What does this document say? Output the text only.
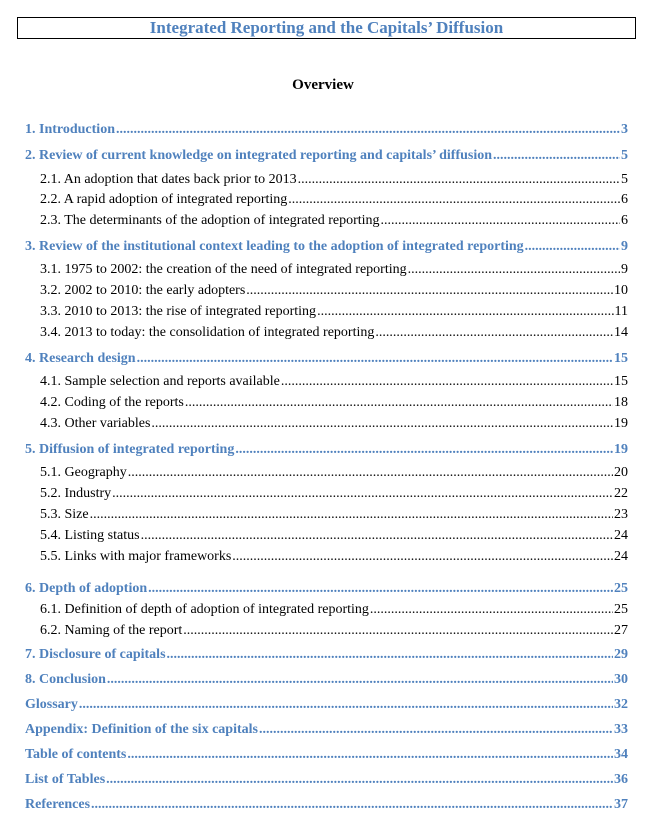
Integrated Reporting and the Capitals’ Diffusion
Overview
1. Introduction .....	3
2. Review of current knowledge on integrated reporting and capitals’ diffusion .....	5
2.1. An adoption that dates back prior to 2013 .....	5
2.2. A rapid adoption of integrated reporting .....	6
2.3. The determinants of the adoption of integrated reporting .....	6
3. Review of the institutional context leading to the adoption of integrated reporting .....	9
3.1. 1975 to 2002: the creation of the need of integrated reporting .....	9
3.2. 2002 to 2010: the early adopters .....	10
3.3. 2010 to 2013: the rise of integrated reporting .....	11
3.4. 2013 to today: the consolidation of integrated reporting .....	14
4. Research design .....	15
4.1. Sample selection and reports available .....	15
4.2. Coding of the reports .....	18
4.3. Other variables .....	19
5. Diffusion of integrated reporting .....	19
5.1. Geography .....	20
5.2. Industry .....	22
5.3. Size .....	23
5.4. Listing status .....	24
5.5. Links with major frameworks .....	24
6. Depth of adoption .....	25
6.1. Definition of depth of adoption of integrated reporting .....	25
6.2. Naming of the report .....	27
7. Disclosure of capitals .....	29
8. Conclusion .....	30
Glossary .....	32
Appendix: Definition of the six capitals .....	33
Table of contents .....	34
List of Tables .....	36
References .....	37
